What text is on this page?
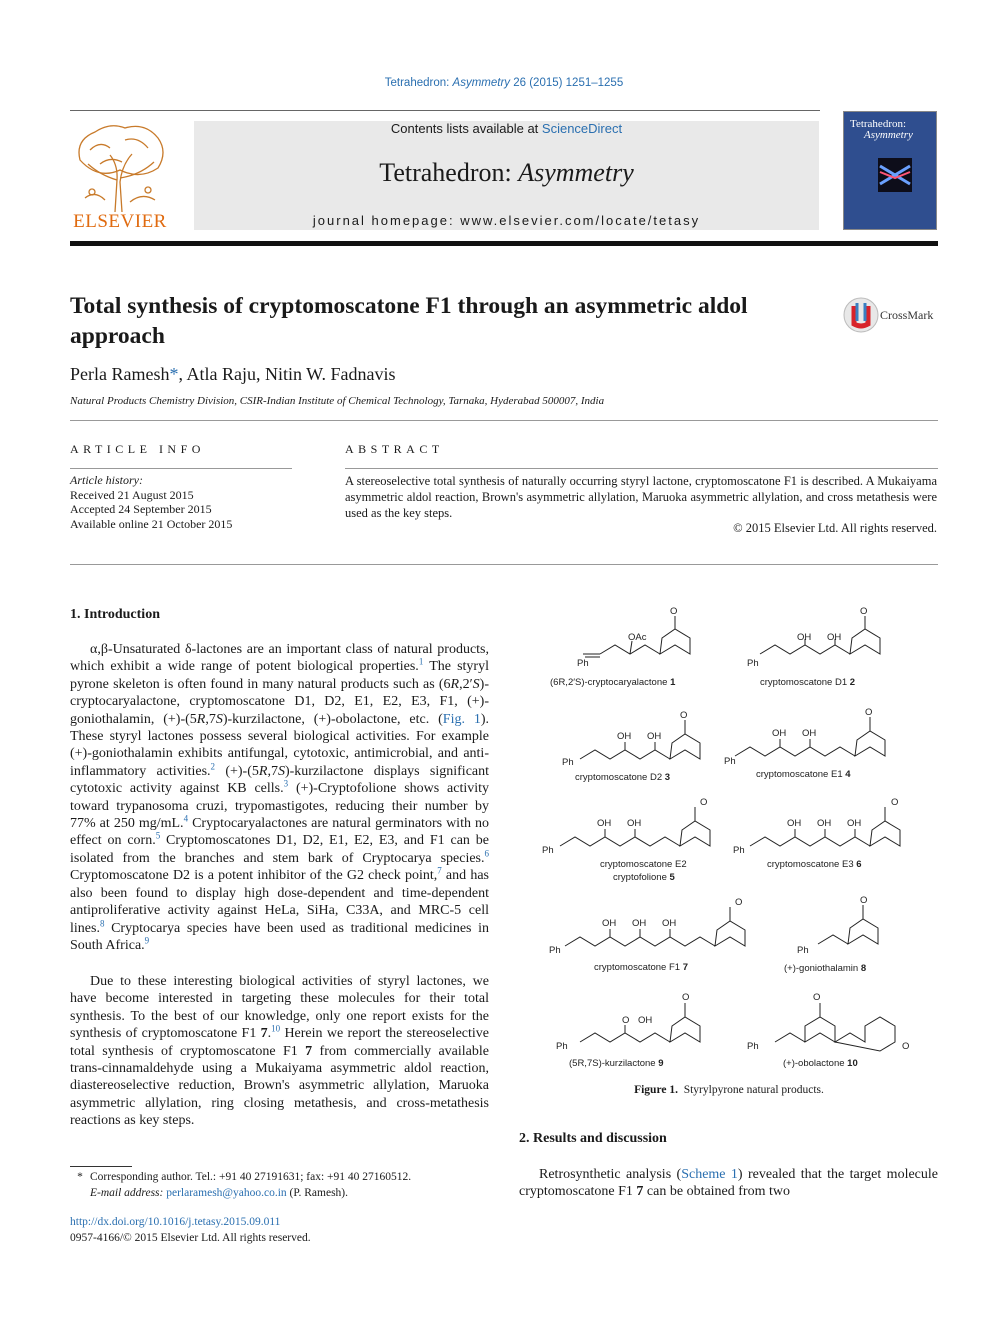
Tetrahedron: Asymmetry 26 (2015) 1251–1255
ELSEVIER
Contents lists available at ScienceDirect
Tetrahedron: Asymmetry
journal homepage: www.elsevier.com/locate/tetasy
Tetrahedron:
Asymmetry
Total synthesis of cryptomoscatone F1 through an asymmetric aldol approach
CrossMark
Perla Ramesh*, Atla Raju, Nitin W. Fadnavis
Natural Products Chemistry Division, CSIR-Indian Institute of Chemical Technology, Tarnaka, Hyderabad 500007, India
ARTICLE INFO
Article history:
Received 21 August 2015
Accepted 24 September 2015
Available online 21 October 2015
ABSTRACT
A stereoselective total synthesis of naturally occurring styryl lactone, cryptomoscatone F1 is described. A Mukaiyama asymmetric aldol reaction, Brown's asymmetric allylation, Maruoka asymmetric allylation, and cross metathesis were used as the key steps.
© 2015 Elsevier Ltd. All rights reserved.
1. Introduction
α,β-Unsaturated δ-lactones are an important class of natural products, which exhibit a wide range of potent biological properties.$^1$ The styryl pyrone skeleton is often found in many natural products such as (6R,2′S)-cryptocaryalactone, cryptomoscatone D1, D2, E1, E2, E3, F1, (+)-goniothalamin, (+)-(5R,7S)-kurzilactone, (+)-obolactone, etc. (Fig. 1). These styryl lactones possess several biological activities. For example (+)-goniothalamin exhibits antifungal, cytotoxic, antimicrobial, and anti-inflammatory activities.$^2$ (+)-(5R,7S)-kurzilactone displays significant cytotoxic activity against KB cells.$^3$ (+)-Cryptofolione shows activity toward trypanosoma cruzi, trypomastigotes, reducing their number by 77% at 250 mg/mL.$^4$ Cryptocaryalactones are natural germinators with no effect on corn.$^5$ Cryptomoscatones D1, D2, E1, E2, E3, and F1 can be isolated from the branches and stem bark of Cryptocarya species.$^6$ Cryptomoscatone D2 is a potent inhibitor of the G2 check point,$^7$ and has also been found to display high dose-dependent and time-dependent antiproliferative activity against HeLa, SiHa, C33A, and MRC-5 cell lines.$^8$ Cryptocarya species have been used as traditional medicines in South Africa.$^9$
Due to these interesting biological activities of styryl lactones, we have become interested in targeting these molecules for their total synthesis. To the best of our knowledge, only one report exists for the synthesis of cryptomoscatone F1 7.10 Herein we report the stereoselective total synthesis of cryptomoscatone F1 7 from commercially available trans-cinnamaldehyde using a Mukaiyama asymmetric aldol reaction, diastereoselective reduction, Brown's asymmetric allylation, Maruoka asymmetric allylation, ring closing metathesis, and cross-metathesis reactions as key steps.
* Corresponding author. Tel.: +91 40 27191631; fax: +91 40 27160512.
E-mail address: perlaramesh@yahoo.co.in (P. Ramesh).
http://dx.doi.org/10.1016/j.tetasy.2015.09.011
0957-4166/© 2015 Elsevier Ltd. All rights reserved.
O
OAc
Ph
O
OH OH
Ph
O
OH OH
Ph
O
OH OH
Ph
O
OH OH
Ph
O
OH OH OH
Ph
O
OH OH OH
Ph
O
Ph
O
O OH
Ph
O
O
Ph
(6R,2′S)-cryptocaryalactone 1	cryptomoscatone D1 2
cryptomoscatone D2 3	cryptomoscatone E1 4
cryptomoscatone E2
cryptofolione 5
cryptomoscatone E3 6
cryptomoscatone F1 7	(+)-goniothalamin 8
(5R,7S)-kurzilactone 9	(+)-obolactone 10
Figure 1. Styrylpyrone natural products.
2. Results and discussion
Retrosynthetic analysis (Scheme 1) revealed that the target molecule cryptomoscatone F1 7 can be obtained from two
